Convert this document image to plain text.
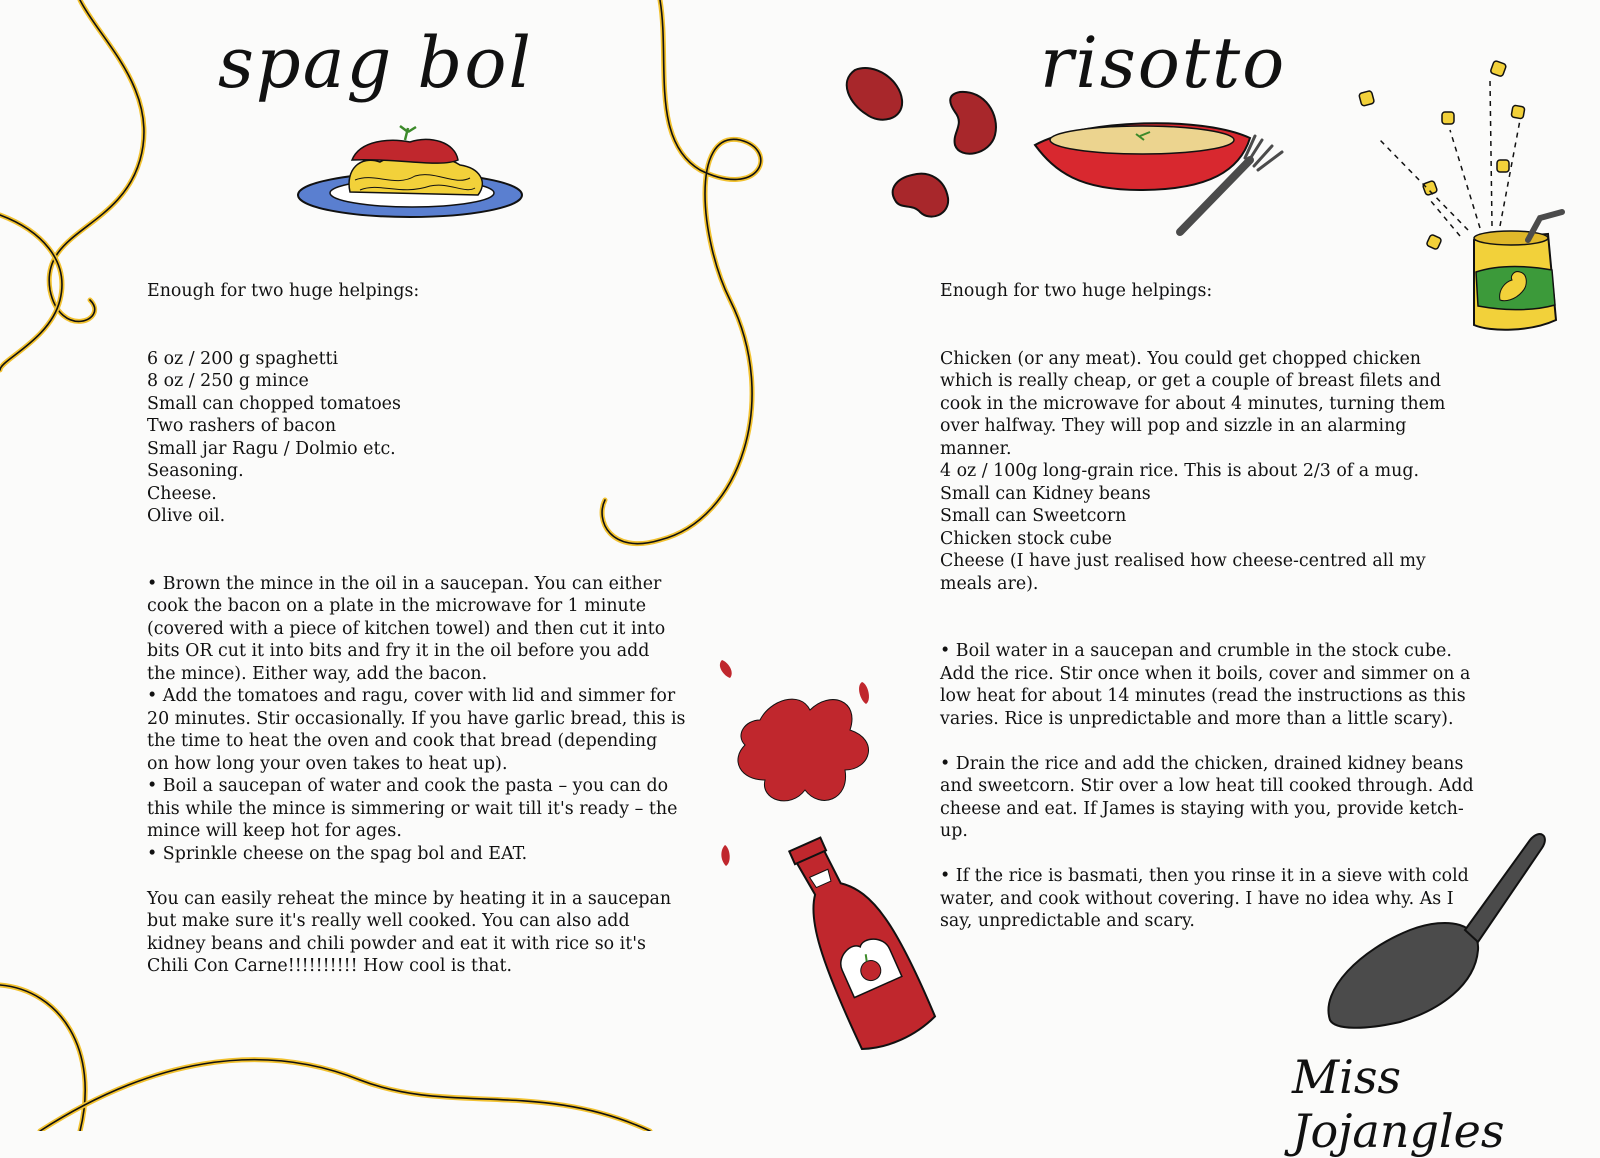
spag bol	risotto
Enough for two huge helpings:
6 oz / 200 g spaghetti
8 oz / 250 g mince
Small can chopped tomatoes
Two rashers of bacon
Small jar Ragu / Dolmio etc.
Seasoning.
Cheese.
Olive oil.
• Brown the mince in the oil in a saucepan. You can either
cook the bacon on a plate in the microwave for 1 minute
(covered with a piece of kitchen towel) and then cut it into
bits OR cut it into bits and fry it in the oil before you add
the mince). Either way, add the bacon.
• Add the tomatoes and ragu, cover with lid and simmer for
20 minutes. Stir occasionally. If you have garlic bread, this is
the time to heat the oven and cook that bread (depending
on how long your oven takes to heat up).
• Boil a saucepan of water and cook the pasta – you can do
this while the mince is simmering or wait till it's ready – the
mince will keep hot for ages.
• Sprinkle cheese on the spag bol and EAT.
You can easily reheat the mince by heating it in a saucepan
but make sure it's really well cooked. You can also add
kidney beans and chili powder and eat it with rice so it's
Chili Con Carne!!!!!!!!!! How cool is that.
Enough for two huge helpings:
Chicken (or any meat). You could get chopped chicken
which is really cheap, or get a couple of breast filets and
cook in the microwave for about 4 minutes, turning them
over halfway. They will pop and sizzle in an alarming
manner.
4 oz / 100g long-grain rice. This is about 2/3 of a mug.
Small can Kidney beans
Small can Sweetcorn
Chicken stock cube
Cheese (I have just realised how cheese-centred all my
meals are).
• Boil water in a saucepan and crumble in the stock cube.
Add the rice. Stir once when it boils, cover and simmer on a
low heat for about 14 minutes (read the instructions as this
varies. Rice is unpredictable and more than a little scary).
• Drain the rice and add the chicken, drained kidney beans
and sweetcorn. Stir over a low heat till cooked through. Add
cheese and eat. If James is staying with you, provide ketch-
up.
• If the rice is basmati, then you rinse it in a sieve with cold
water, and cook without covering. I have no idea why. As I
say, unpredictable and scary.
Miss Jojangles
